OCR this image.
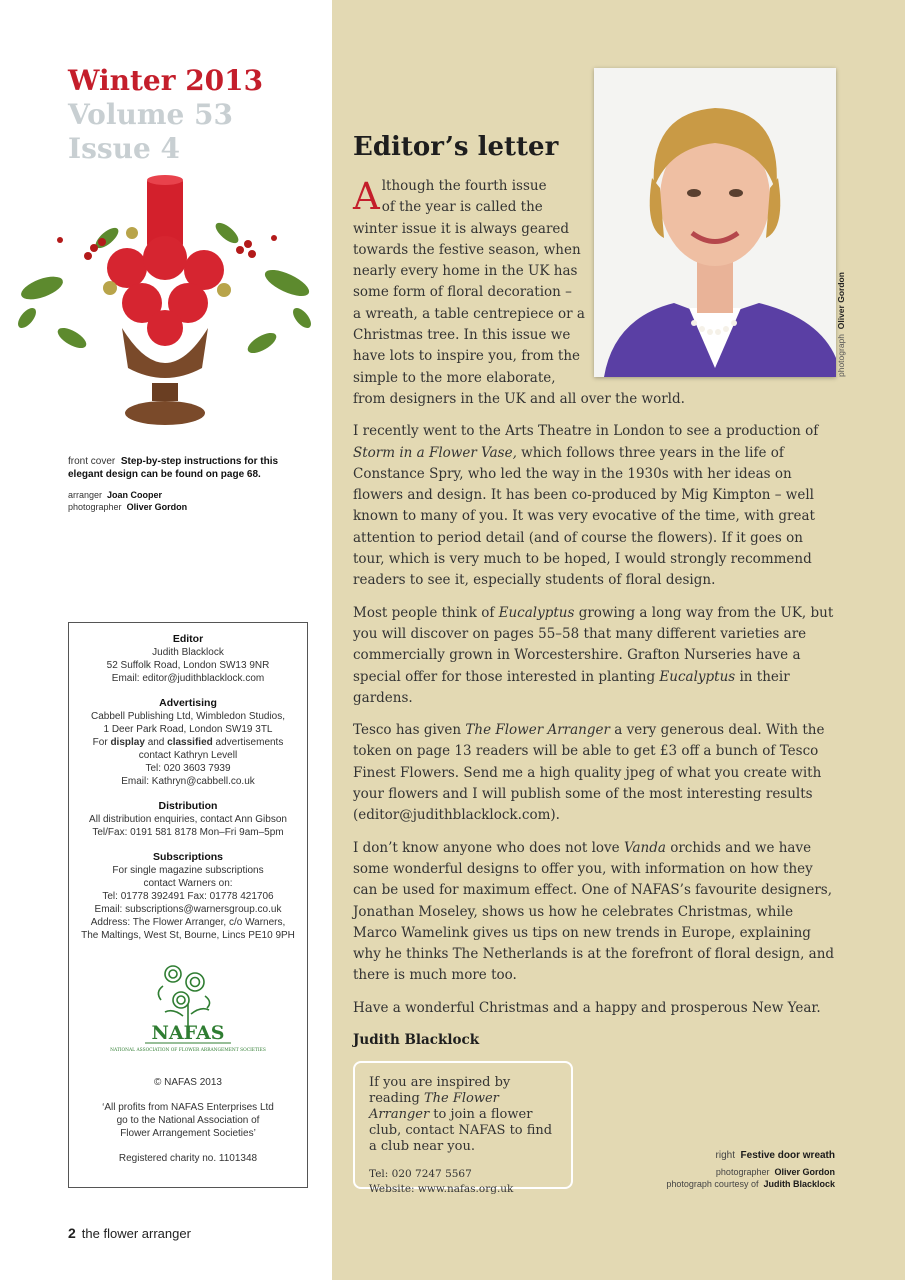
Winter 2013
Volume 53
Issue 4
front cover Step-by-step instructions for this elegant design can be found on page 68.
arranger Joan Cooper
photographer Oliver Gordon
Editor

Judith Blacklock

52 Suffolk Road, London SW13 9NR

Email: editor@judithblacklock.com

Advertising

Cabbell Publishing Ltd, Wimbledon Studios,

1 Deer Park Road, London SW19 3TL

For display and classified advertisements

contact Kathryn Levell

Tel: 020 3603 7939

Email: Kathryn@cabbell.co.uk

Distribution

All distribution enquiries, contact Ann Gibson

Tel/Fax: 0191 581 8178 Mon–Fri 9am–5pm

Subscriptions

For single magazine subscriptions

contact Warners on:

Tel: 01778 392491 Fax: 01778 421706

Email: subscriptions@warnersgroup.co.uk

Address: The Flower Arranger, c/o Warners,

The Maltings, West St, Bourne, Lincs PE10 9PH

NAFAS
NATIONAL ASSOCIATION OF FLOWER ARRANGEMENT SOCIETIES
© NAFAS 2013

‘All profits from NAFAS Enterprises Ltd

go to the National Association of

Flower Arrangement Societies’

Registered charity no. 1101348
2 the flower arranger
photograph  Oliver Gordon
Editor’s letter

A lthough the fourth issue
of the year is called the
winter issue it is always geared
towards the festive season, when
nearly every home in the UK has
some form of floral decoration –
a wreath, a table centrepiece or a
Christmas tree. In this issue we
have lots to inspire you, from the
simple to the more elaborate,
from designers in the UK and all over the world.

I recently went to the Arts Theatre in London to see a production of Storm in a Flower Vase, which follows three years in the life of Constance Spry, who led the way in the 1930s with her ideas on flowers and design. It has been co-produced by Mig Kimpton – well known to many of you. It was very evocative of the time, with great attention to period detail (and of course the flowers). If it goes on tour, which is very much to be hoped, I would strongly recommend readers to see it, especially students of floral design.

Most people think of Eucalyptus growing a long way from the UK, but you will discover on pages 55–58 that many different varieties are commercially grown in Worcestershire. Grafton Nurseries have a special offer for those interested in planting Eucalyptus in their gardens.

Tesco has given The Flower Arranger a very generous deal. With the token on page 13 readers will be able to get £3 off a bunch of Tesco Finest Flowers. Send me a high quality jpeg of what you create with your flowers and I will publish some of the most interesting results (editor@judithblacklock.com).

I don’t know anyone who does not love Vanda orchids and we have some wonderful designs to offer you, with information on how they can be used for maximum effect. One of NAFAS’s favourite designers, Jonathan Moseley, shows us how he celebrates Christmas, while Marco Wamelink gives us tips on new trends in Europe, explaining why he thinks The Netherlands is at the forefront of floral design, and there is much more too.

Have a wonderful Christmas and a happy and prosperous New Year.

Judith Blacklock

If you are inspired by reading The Flower Arranger to join a flower club, contact NAFAS to find a club near you.

Tel: 020 7247 5567

Website: www.nafas.org.uk

right Festive door wreath
photographer Oliver Gordon
photograph courtesy of Judith Blacklock
